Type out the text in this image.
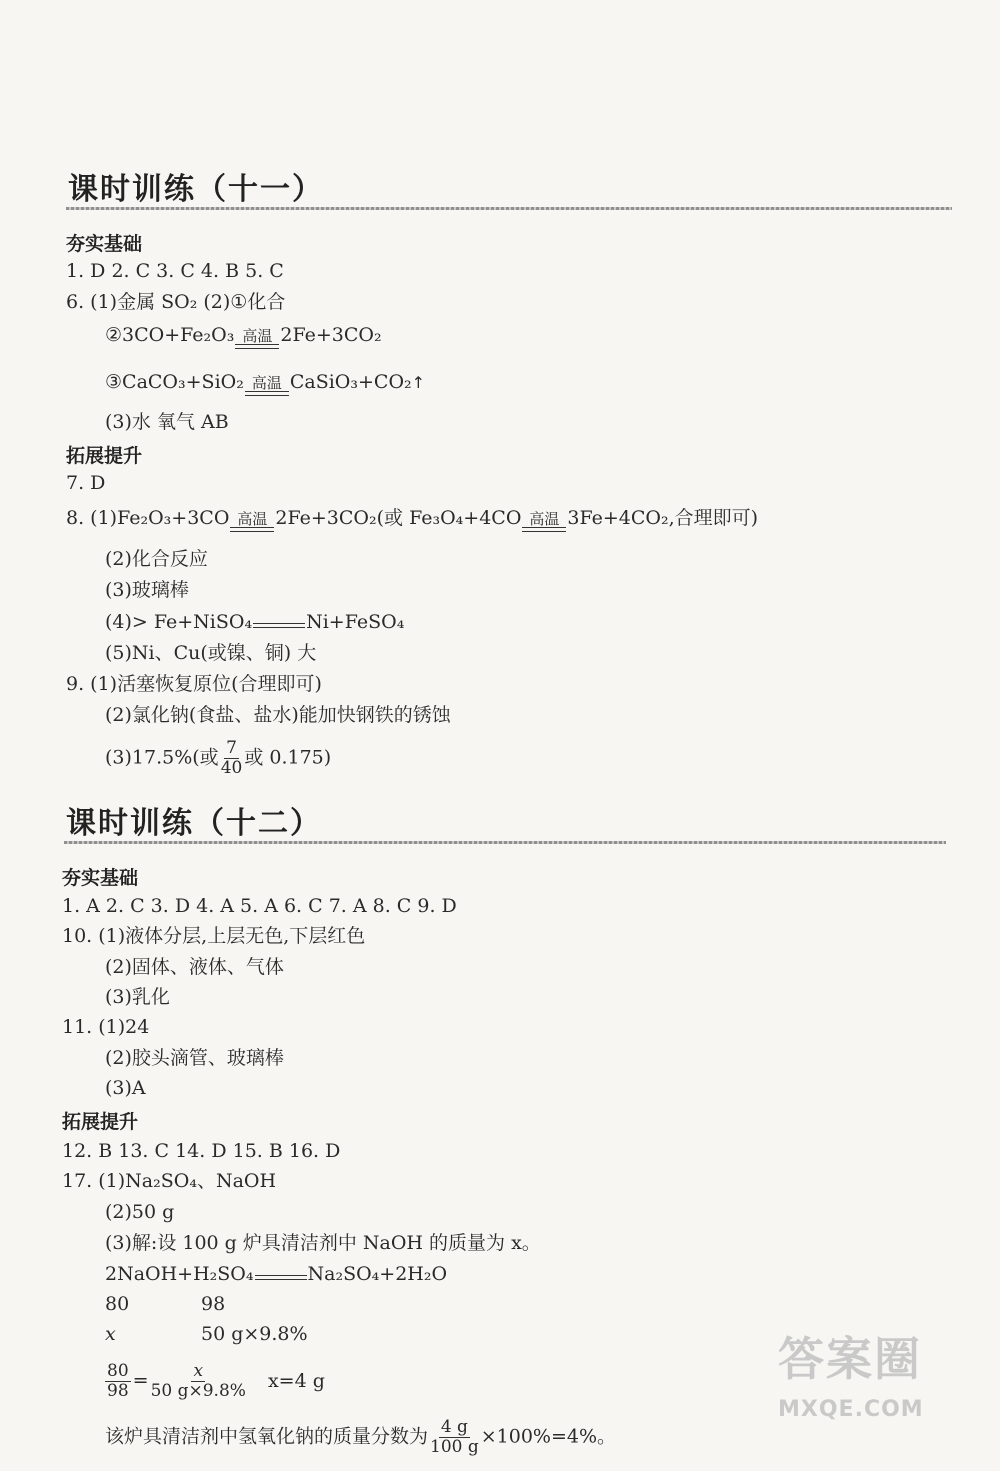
课时训练（十一）
夯实基础
1. D 2. C 3. C 4. B 5. C
6. (1)金属 SO₂ (2)①化合
②3CO+Fe₂O₃ 高温 2Fe+3CO₂
③CaCO₃+SiO₂ 高温 CaSiO₃+CO₂↑
(3)水 氧气 AB
拓展提升
7. D
8. (1)Fe₂O₃+3CO 高温 2Fe+3CO₂(或 Fe₃O₄+4CO 高温 3Fe+4CO₂,合理即可)
(2)化合反应
(3)玻璃棒
(4)> Fe+NiSO₄	Ni+FeSO₄
(5)Ni、Cu(或镍、铜) 大
9. (1)活塞恢复原位(合理即可)
(2)氯化钠(食盐、盐水)能加快钢铁的锈蚀
(3)17.5%(或 $\frac{7}{40}$ 或 0.175)
课时训练（十二）
夯实基础
1. A 2. C 3. D 4. A 5. A 6. C 7. A 8. C 9. D
10. (1)液体分层,上层无色,下层红色
(2)固体、液体、气体
(3)乳化
11. (1)24
(2)胶头滴管、玻璃棒
(3)A
拓展提升
12. B 13. C 14. D 15. B 16. D
17. (1)Na₂SO₄、NaOH
(2)50 g
(3)解:设 100 g 炉具清洁剂中 NaOH 的质量为 x。
2NaOH+H₂SO₄	Na₂SO₄+2H₂O
80	98
x	50 g×9.8%
$\frac{80}{98} = \frac{x}{50 g\times 9.8\%} x=4$ g
该炉具清洁剂中氢氧化钠的质量分数为 $\frac{4 g}{100 g} \times 100\%=4\%$。
答案圈
MXQE.COM
